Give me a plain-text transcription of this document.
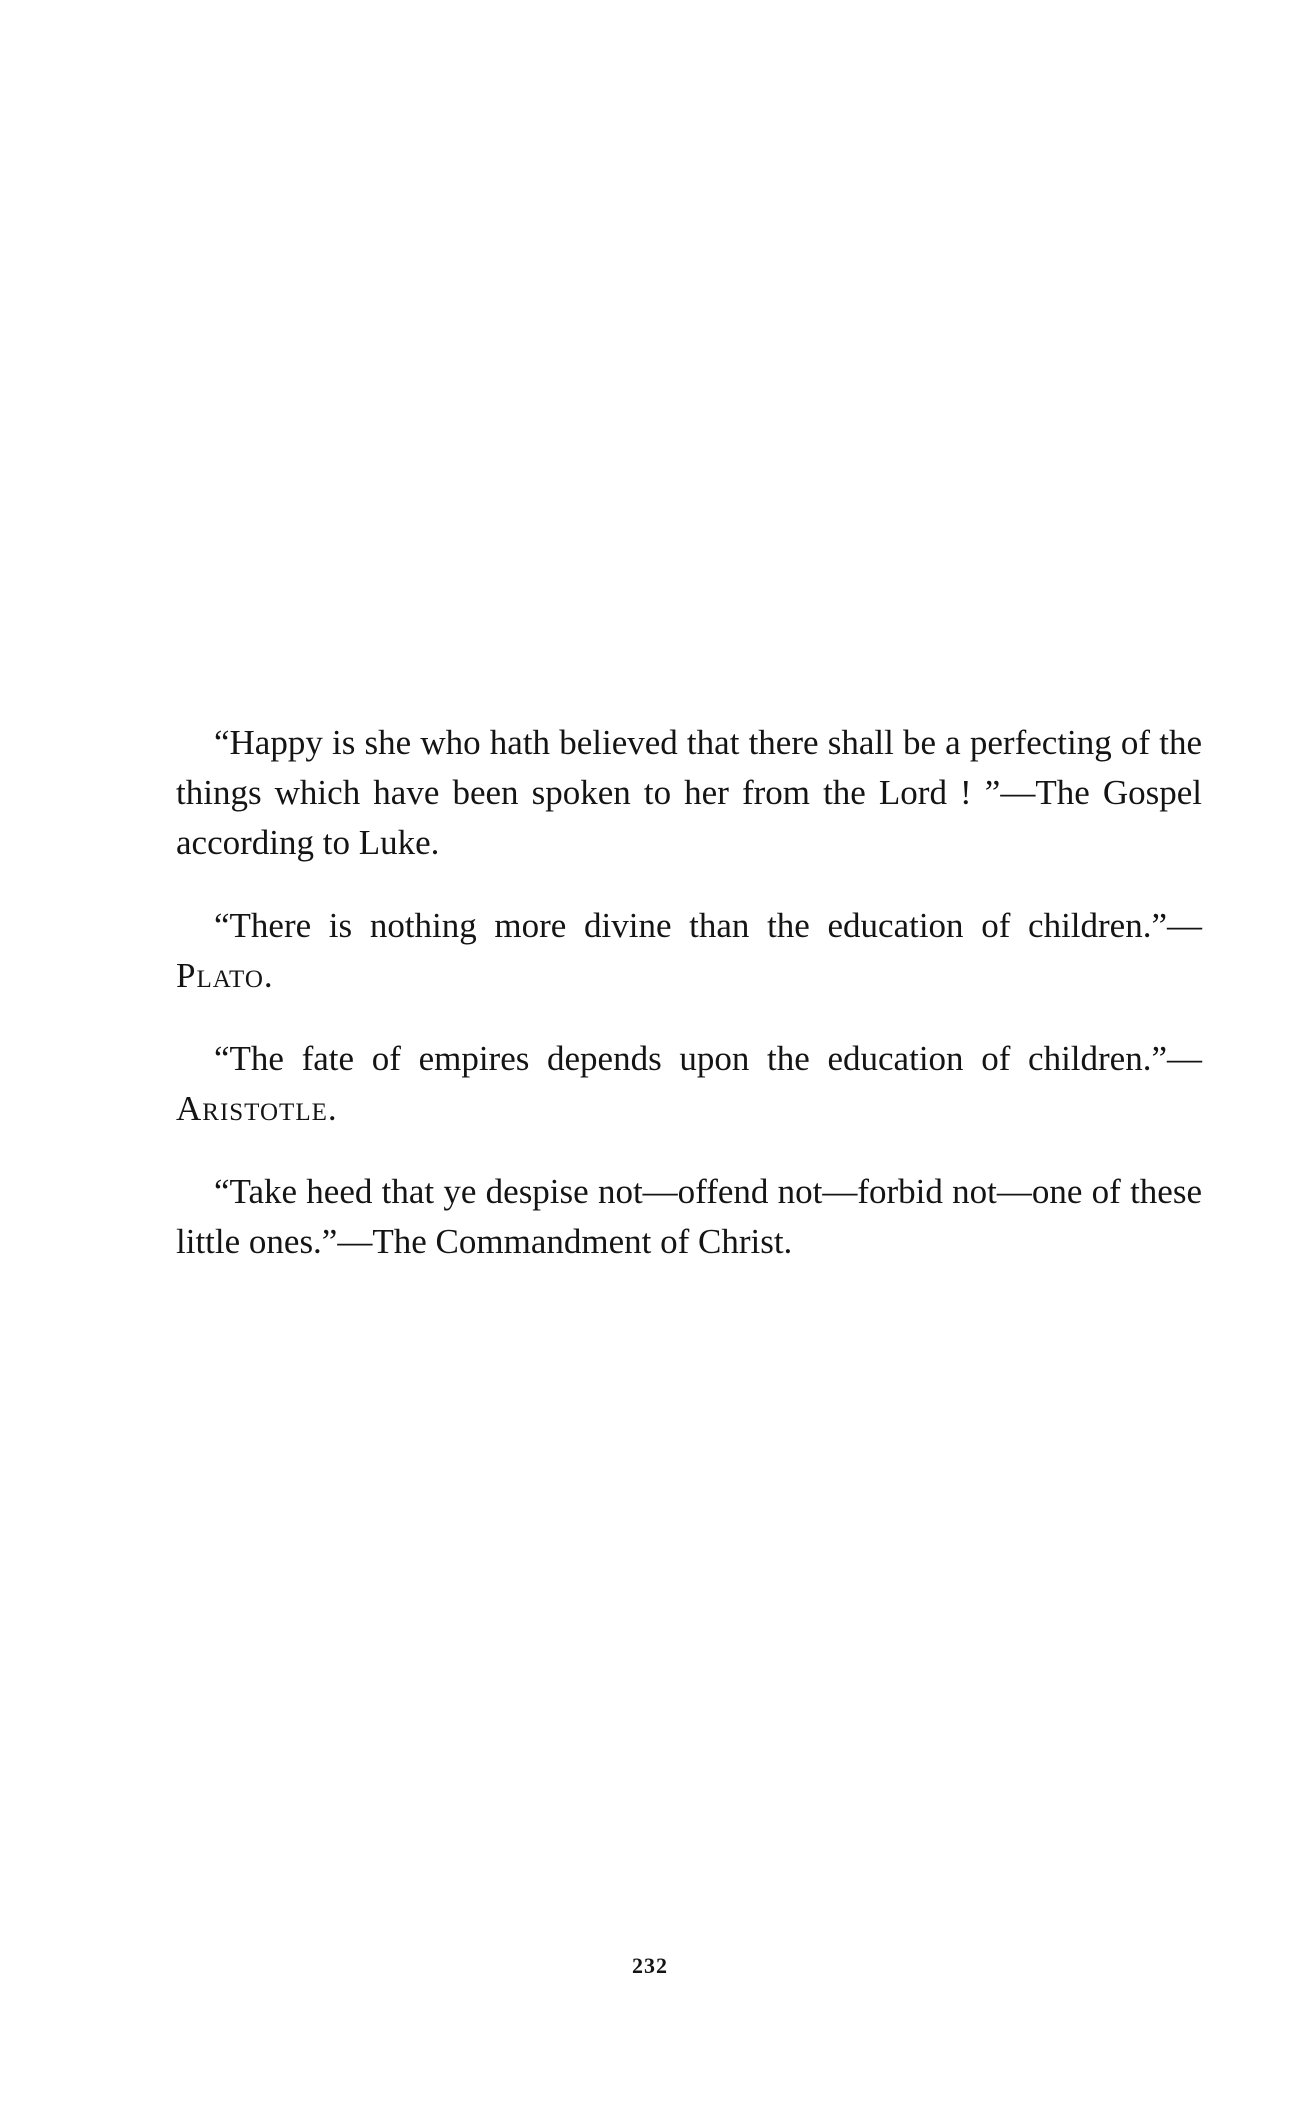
“Happy is she who hath believed that there shall be a perfecting of the things which have been spoken to her from the Lord ! ”—The Gospel according to Luke.

“There is nothing more divine than the education of children.”—Plato.

“The fate of empires depends upon the education of children.”—Aristotle.

“Take heed that ye despise not—offend not—forbid not—one of these little ones.”—The Commandment of Christ.

232
